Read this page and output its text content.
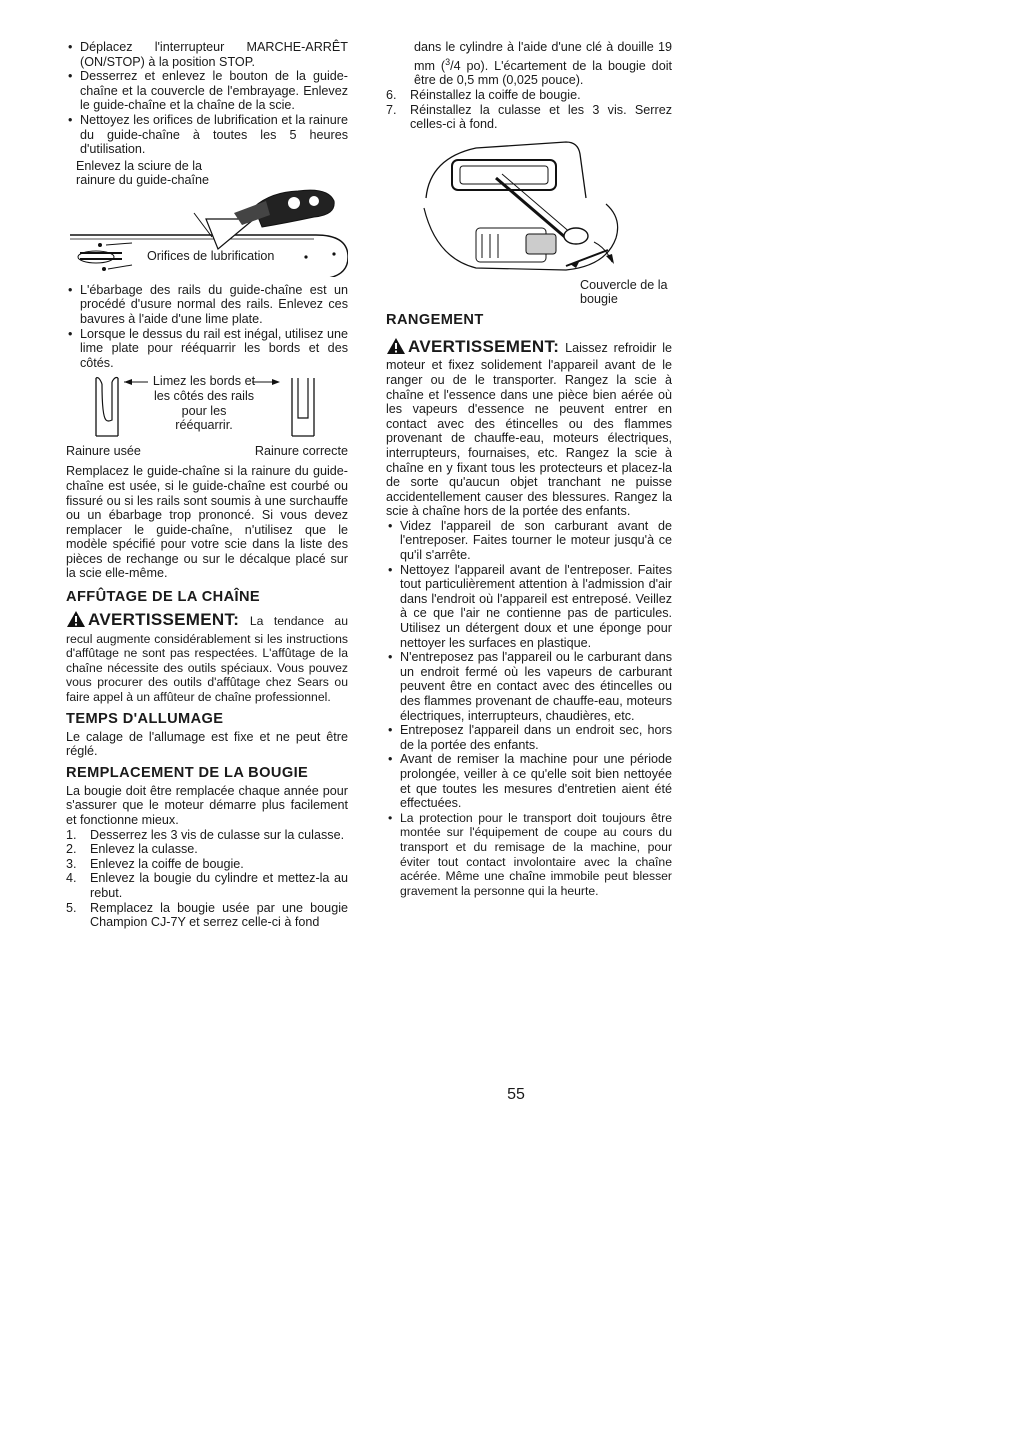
• Déplacez l'interrupteur MARCHE-ARRÊT (ON/STOP) à la position STOP.
• Desserrez et enlevez le bouton de la guide-chaîne et la couvercle de l'embrayage. Enlevez le guide-chaîne et la chaîne de la scie.
• Nettoyez les orifices de lubrification et la rainure du guide-chaîne à toutes les 5 heures d'utilisation.
Enlevez la sciure de la rainure du guide-chaîne
Orifices de lubrification
• L'ébarbage des rails du guide-chaîne est un procédé d'usure normal des rails. Enlevez ces bavures à l'aide d'une lime plate.
• Lorsque le dessus du rail est inégal, utilisez une lime plate pour rééquarrir les bords et des côtés.
Limez les bords et les côtés des rails pour les rééquarrir.
Rainure usée	Rainure correcte

Remplacez le guide-chaîne si la rainure du guide-chaîne est usée, si le guide-chaîne est courbé ou fissuré ou si les rails sont soumis à une surchauffe ou un ébarbage trop prononcé. Si vous devez remplacer le guide-chaîne, n'utilisez que le modèle spécifié pour votre scie dans la liste des pièces de rechange ou sur le décalque placé sur la scie elle-même.

AFFÛTAGE DE LA CHAÎNE
AVERTISSEMENT: La tendance au recul augmente considérablement si les instructions d'affûtage ne sont pas respectées. L'affûtage de la chaîne nécessite des outils spéciaux. Vous pouvez vous procurer des outils d'affûtage chez Sears ou faire appel à un affûteur de chaîne professionnel.
TEMPS D'ALLUMAGE

Le calage de l'allumage est fixe et ne peut être réglé.

REMPLACEMENT DE LA BOUGIE

La bougie doit être remplacée chaque année pour s'assurer que le moteur démarre plus facilement et fonctionne mieux.

1. Desserrez les 3 vis de culasse sur la culasse.
2. Enlevez la culasse.
3. Enlevez la coiffe de bougie.
4. Enlevez la bougie du cylindre et mettez-la au rebut.
5. Remplacez la bougie usée par une bougie Champion CJ-7Y et serrez celle-ci à fond

dans le cylindre à l'aide d'une clé à douille 19 mm ($^3$/4 po). L'écartement de la bougie doit être de 0,5 mm (0,025 pouce).

6. Réinstallez la coiffe de bougie.
7. Réinstallez la culasse et les 3 vis. Serrez celles-ci à fond.
Couvercle de la bougie
RANGEMENT
AVERTISSEMENT: Laissez refroidir le moteur et fixez solidement l'appareil avant de le ranger ou de le transporter. Rangez la scie à chaîne et l'essence dans une pièce bien aérée où les vapeurs d'essence ne peuvent entrer en contact avec des étincelles ou des flammes provenant de chauffe-eau, moteurs électriques, interrupteurs, fournaises, etc. Rangez la scie à chaîne en y fixant tous les protecteurs et placez-la de sorte qu'aucun objet tranchant ne puisse accidentellement causer des blessures. Rangez la scie à chaîne hors de la portée des enfants.
• Videz l'appareil de son carburant avant de l'entreposer. Faites tourner le moteur jusqu'à ce qu'il s'arrête.
• Nettoyez l'appareil avant de l'entreposer. Faites tout particulièrement attention à l'admission d'air dans l'endroit où l'appareil est entreposé. Veillez à ce que l'air ne contienne pas de particules. Utilisez un détergent doux et une éponge pour nettoyer les surfaces en plastique.
• N'entreposez pas l'appareil ou le carburant dans un endroit fermé où les vapeurs de carburant peuvent être en contact avec des étincelles ou des flammes provenant de chauffe-eau, moteurs électriques, interrupteurs, chaudières, etc.
• Entreposez l'appareil dans un endroit sec, hors de la portée des enfants.
• Avant de remiser la machine pour une période prolongée, veiller à ce qu'elle soit bien nettoyée et que toutes les mesures d'entretien aient été effectuées.
• La protection pour le transport doit toujours être montée sur l'équipement de coupe au cours du transport et du remisage de la machine, pour éviter tout contact involontaire avec la chaîne acérée. Même une chaîne immobile peut blesser gravement la personne qui la heurte.
55
